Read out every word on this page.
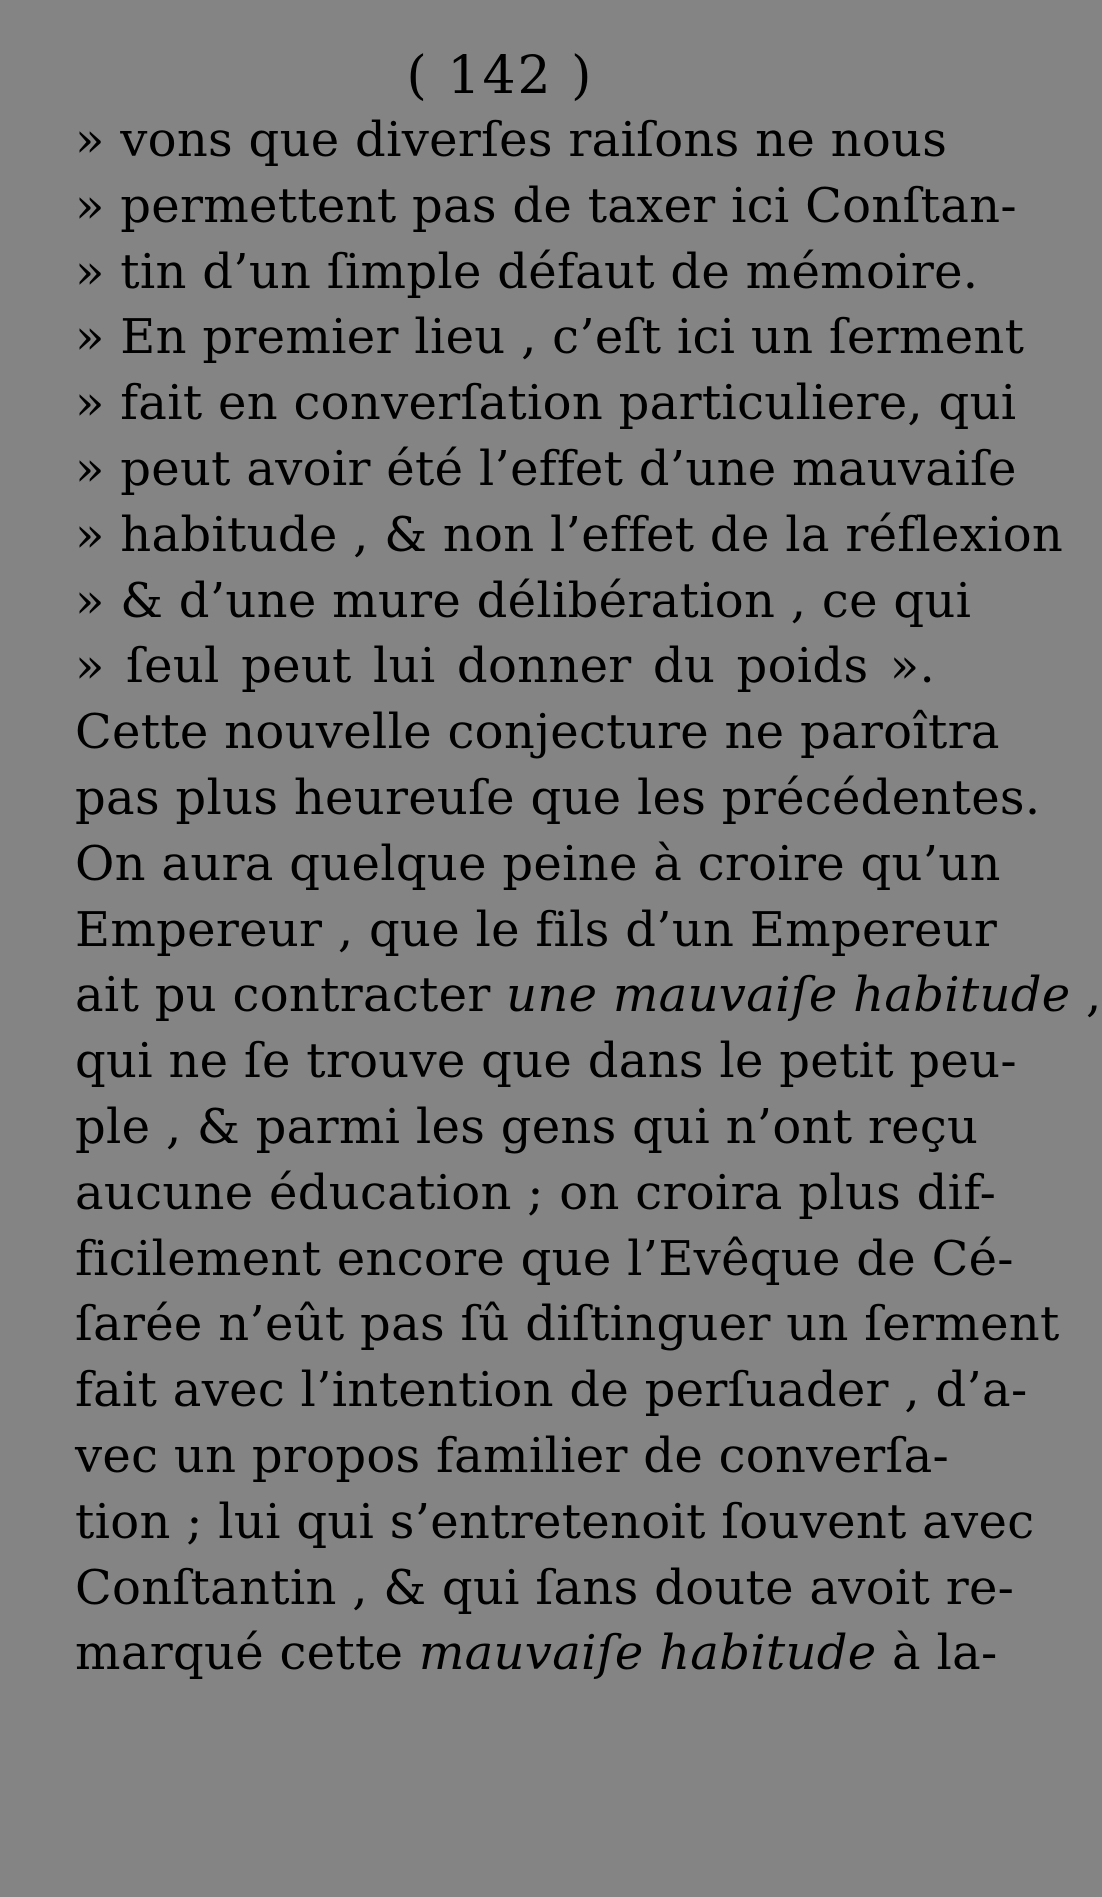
( 142 )
» vons que diverſes raiſons ne nous
» permettent pas de taxer ici Conſtan-
» tin d’un ſimple défaut de mémoire.
» En premier lieu , c’eſt ici un ſerment
» fait en converſation particuliere, qui
» peut avoir été l’effet d’une mauvaiſe
» habitude , & non l’effet de la réflexion
» & d’une mure délibération , ce qui
» ſeul peut lui donner du poids ».
Cette nouvelle conjecture ne paroîtra
pas plus heureuſe que les précédentes.
On aura quelque peine à croire qu’un
Empereur , que le fils d’un Empereur
ait pu contracter une mauvaiſe habitude ,
qui ne ſe trouve que dans le petit peu-
ple , & parmi les gens qui n’ont reçu
aucune éducation ; on croira plus dif-
ficilement encore que l’Evêque de Cé-
ſarée n’eût pas ſû diſtinguer un ſerment
fait avec l’intention de perſuader , d’a-
vec un propos familier de converſa-
tion ; lui qui s’entretenoit ſouvent avec
Conſtantin , & qui ſans doute avoit re-
marqué cette mauvaiſe habitude à la-
